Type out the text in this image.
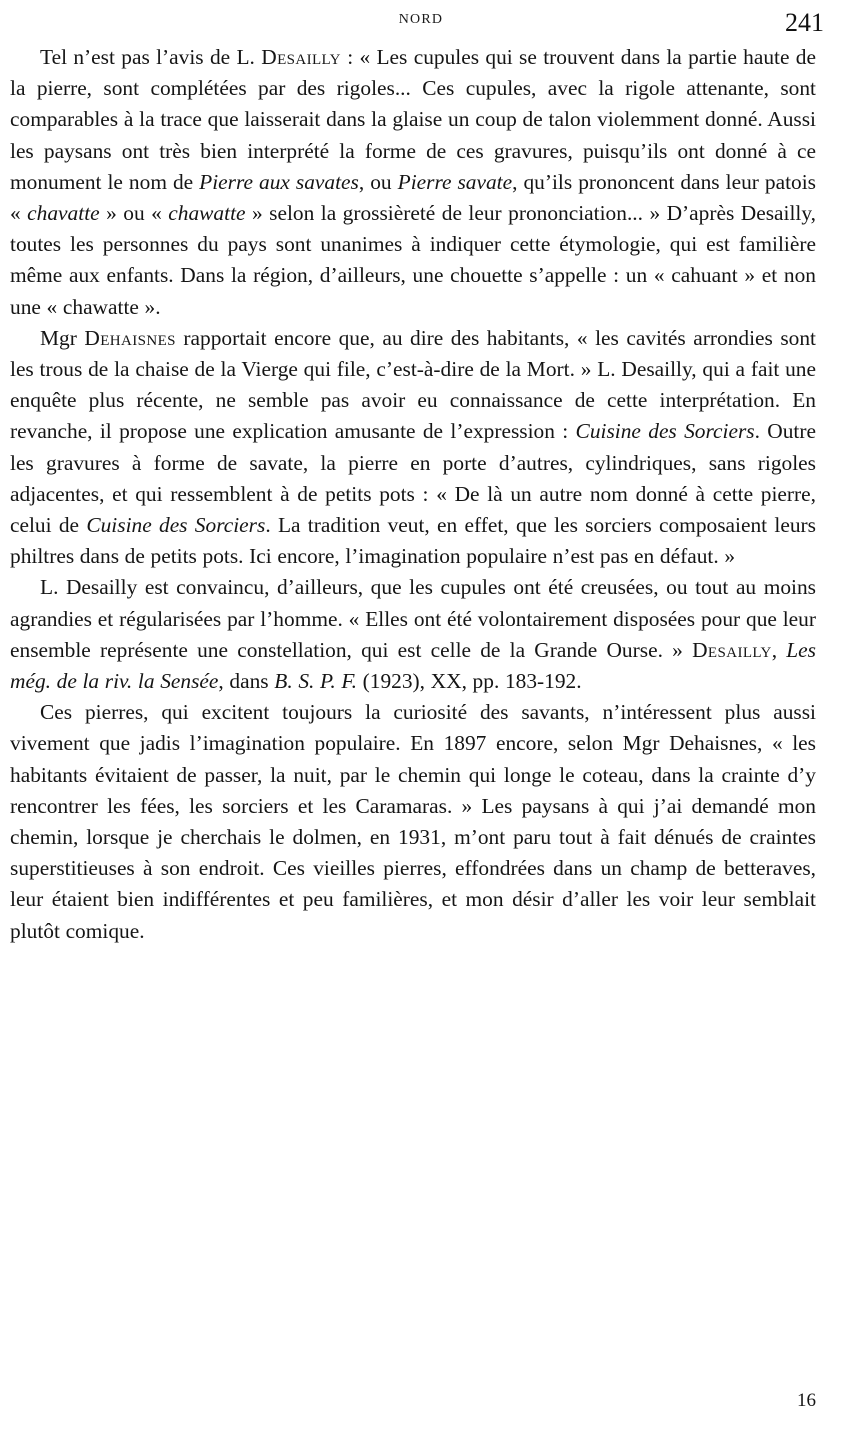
NORD	241

Tel n’est pas l’avis de L. Desailly : « Les cupules qui se trouvent dans la partie haute de la pierre, sont complétées par des rigoles... Ces cupules, avec la rigole attenante, sont comparables à la trace que laisserait dans la glaise un coup de talon violemment donné. Aussi les paysans ont très bien interprété la forme de ces gravures, puisqu’ils ont donné à ce monument le nom de Pierre aux savates, ou Pierre savate, qu’ils prononcent dans leur patois « chavatte » ou « chawatte » selon la grossièreté de leur prononciation... » D’après Desailly, toutes les personnes du pays sont unanimes à indiquer cette étymologie, qui est familière même aux enfants. Dans la région, d’ailleurs, une chouette s’appelle : un « cahuant » et non une « chawatte ».

Mgr Dehaisnes rapportait encore que, au dire des habitants, « les cavités arrondies sont les trous de la chaise de la Vierge qui file, c’est-à-dire de la Mort. » L. Desailly, qui a fait une enquête plus récente, ne semble pas avoir eu connaissance de cette interprétation. En revanche, il propose une explication amusante de l’expression : Cuisine des Sorciers. Outre les gravures à forme de savate, la pierre en porte d’autres, cylindriques, sans rigoles adjacentes, et qui ressemblent à de petits pots : « De là un autre nom donné à cette pierre, celui de Cuisine des Sorciers. La tradition veut, en effet, que les sorciers composaient leurs philtres dans de petits pots. Ici encore, l’imagination populaire n’est pas en défaut. »

L. Desailly est convaincu, d’ailleurs, que les cupules ont été creusées, ou tout au moins agrandies et régularisées par l’homme. « Elles ont été volontairement disposées pour que leur ensemble représente une constellation, qui est celle de la Grande Ourse. » Desailly, Les még. de la riv. la Sensée, dans B. S. P. F. (1923), XX, pp. 183-192.

Ces pierres, qui excitent toujours la curiosité des savants, n’intéressent plus aussi vivement que jadis l’imagination populaire. En 1897 encore, selon Mgr Dehaisnes, « les habitants évitaient de passer, la nuit, par le chemin qui longe le coteau, dans la crainte d’y rencontrer les fées, les sorciers et les Caramaras. » Les paysans à qui j’ai demandé mon chemin, lorsque je cherchais le dolmen, en 1931, m’ont paru tout à fait dénués de craintes superstitieuses à son endroit. Ces vieilles pierres, effondrées dans un champ de betteraves, leur étaient bien indifférentes et peu familières, et mon désir d’aller les voir leur semblait plutôt comique.

16
